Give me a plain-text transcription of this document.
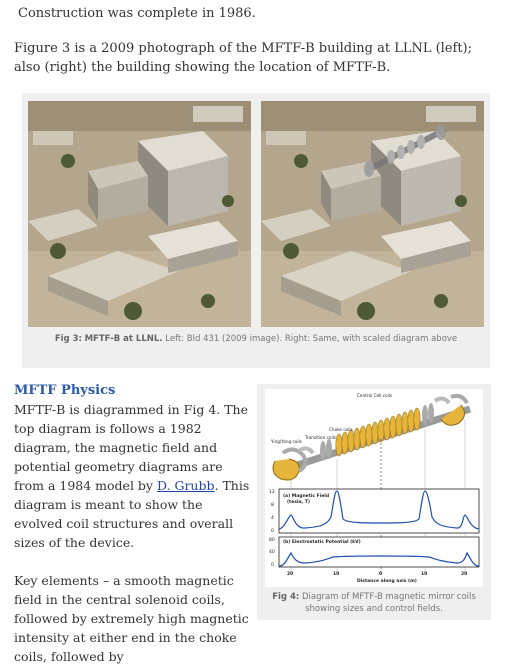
Construction was complete in 1986.

Figure 3 is a 2009 photograph of the MFTF-B building at LLNL (left); also (right) the building showing the location of MFTF-B.

Fig 3: MFTF-B at LLNL. Left: Bld 431 (2009 image). Right: Same, with scaled diagram above
MFTF Physics

MFTF-B is diagrammed in Fig 4. The top diagram is follows a 1982 diagram, the magnetic field and potential geometry diagrams are from a 1984 model by D. Grubb. This diagram is meant to show the evolved coil structures and overall sizes of the device.

Key elements – a smooth magnetic field in the central solenoid coils, followed by extremely high magnetic intensity at either end in the choke coils, followed by

Ying/Yang coils
Transition coils
Choke coils
Central Cell coils
(a) Magnetic Field
(tesla, T)
12
8
4
0
(b) Electrostatic Potential (kV)
80
40
0
20	10	0	10	20
Distance along axis (m)
Fig 4: Diagram of MFTF-B magnetic mirror coils showing sizes and control fields.
